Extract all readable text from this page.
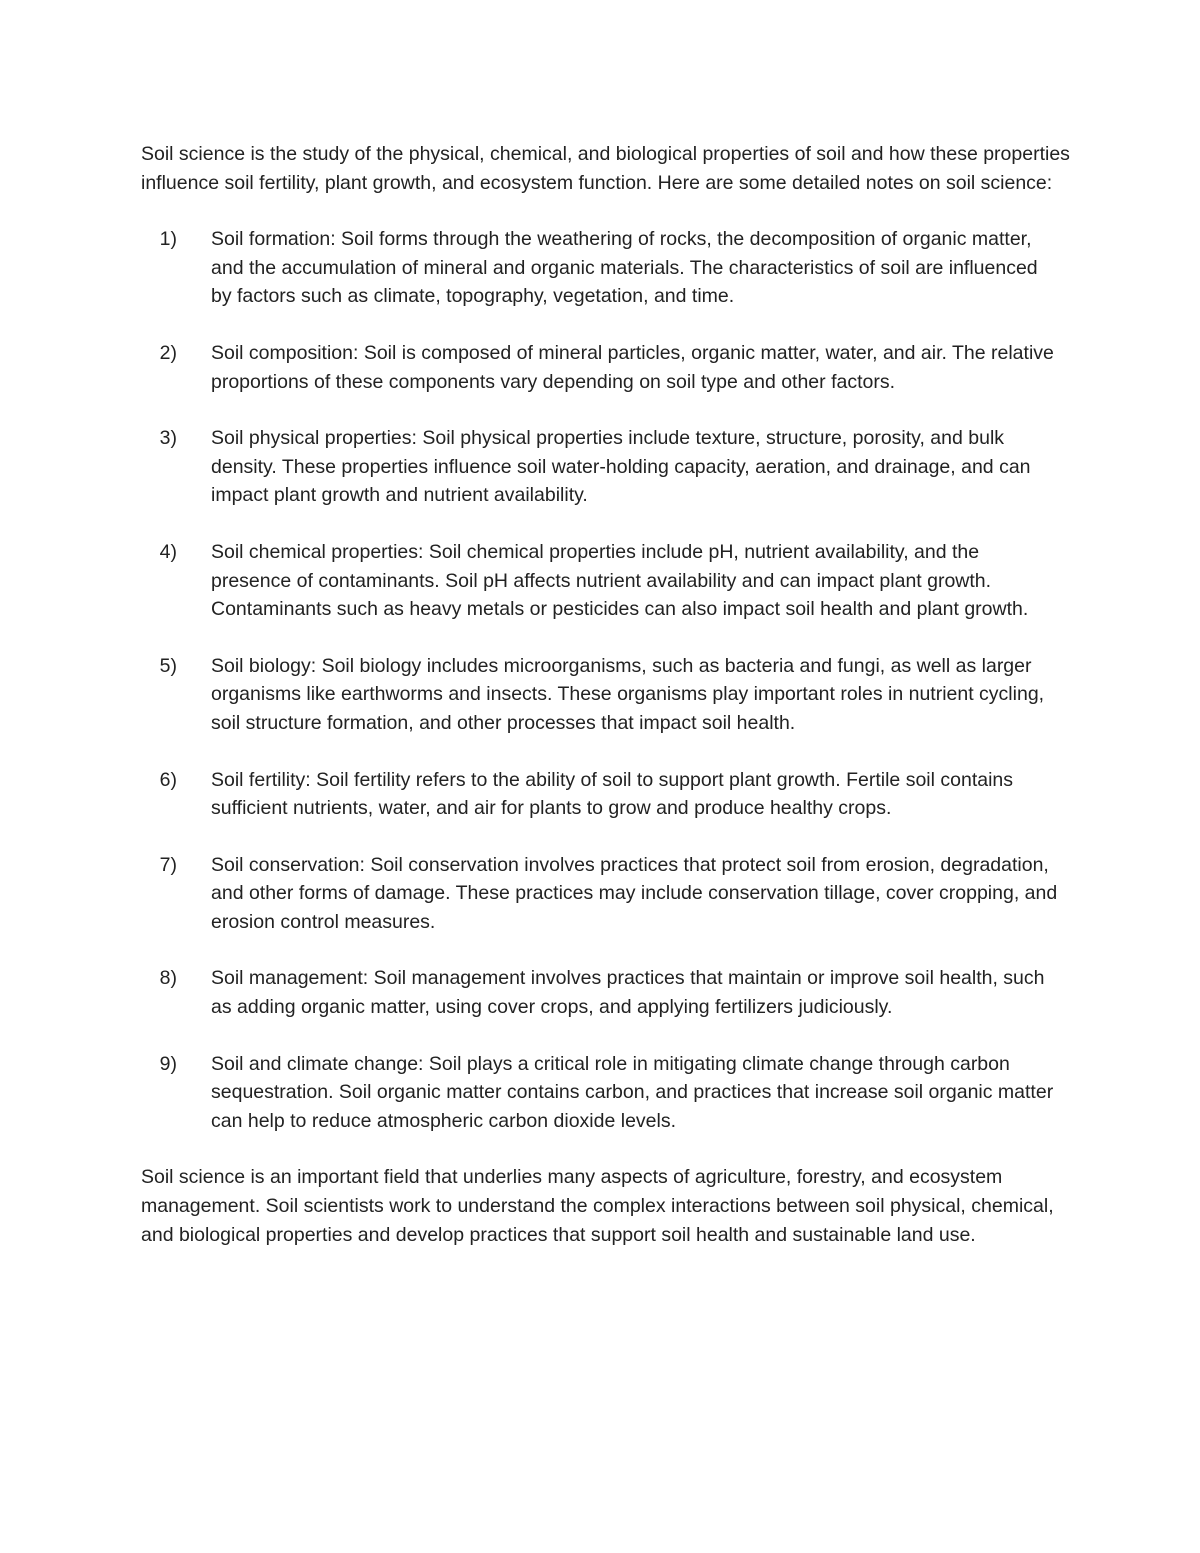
Soil science is the study of the physical, chemical, and biological properties of soil and how these properties influence soil fertility, plant growth, and ecosystem function. Here are some detailed notes on soil science:

1) Soil formation: Soil forms through the weathering of rocks, the decomposition of organic matter, and the accumulation of mineral and organic materials. The characteristics of soil are influenced by factors such as climate, topography, vegetation, and time.
2) Soil composition: Soil is composed of mineral particles, organic matter, water, and air. The relative proportions of these components vary depending on soil type and other factors.
3) Soil physical properties: Soil physical properties include texture, structure, porosity, and bulk density. These properties influence soil water-holding capacity, aeration, and drainage, and can impact plant growth and nutrient availability.
4) Soil chemical properties: Soil chemical properties include pH, nutrient availability, and the presence of contaminants. Soil pH affects nutrient availability and can impact plant growth. Contaminants such as heavy metals or pesticides can also impact soil health and plant growth.
5) Soil biology: Soil biology includes microorganisms, such as bacteria and fungi, as well as larger organisms like earthworms and insects. These organisms play important roles in nutrient cycling, soil structure formation, and other processes that impact soil health.
6) Soil fertility: Soil fertility refers to the ability of soil to support plant growth. Fertile soil contains sufficient nutrients, water, and air for plants to grow and produce healthy crops.
7) Soil conservation: Soil conservation involves practices that protect soil from erosion, degradation, and other forms of damage. These practices may include conservation tillage, cover cropping, and erosion control measures.
8) Soil management: Soil management involves practices that maintain or improve soil health, such as adding organic matter, using cover crops, and applying fertilizers judiciously.
9) Soil and climate change: Soil plays a critical role in mitigating climate change through carbon sequestration. Soil organic matter contains carbon, and practices that increase soil organic matter can help to reduce atmospheric carbon dioxide levels.

Soil science is an important field that underlies many aspects of agriculture, forestry, and ecosystem management. Soil scientists work to understand the complex interactions between soil physical, chemical, and biological properties and develop practices that support soil health and sustainable land use.
